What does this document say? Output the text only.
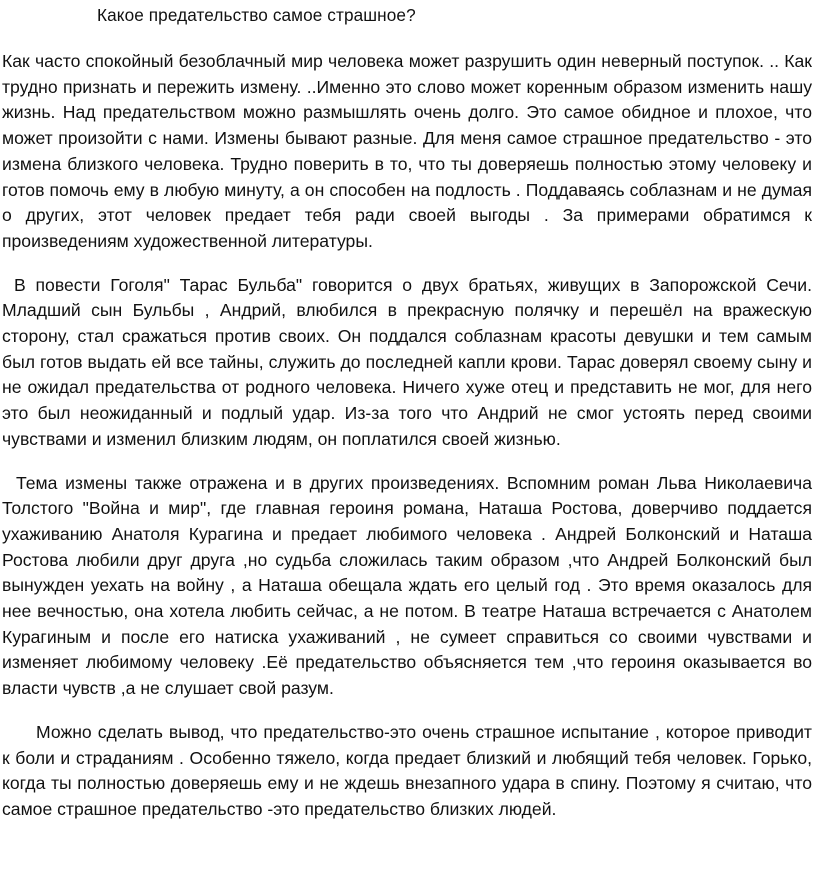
Какое предательство самое страшное?

Как часто спокойный безоблачный мир человека может разрушить один неверный поступок. .. Как трудно признать и пережить измену. ..Именно это слово может коренным образом изменить нашу жизнь. Над предательством можно размышлять очень долго. Это самое обидное и плохое, что может произойти с нами. Измены бывают разные. Для меня самое страшное предательство - это измена близкого человека. Трудно поверить в то, что ты доверяешь полностью этому человеку и готов помочь ему в любую минуту, а он способен на подлость . Поддаваясь соблазнам и не думая о других, этот человек предает тебя ради своей выгоды . За примерами обратимся к произведениям художественной литературы.

В повести Гоголя" Тарас Бульба" говорится о двух братьях, живущих в Запорожской Сечи. Младший сын Бульбы , Андрий, влюбился в прекрасную полячку и перешёл на вражескую сторону, стал сражаться против своих. Он поддался соблазнам красоты девушки и тем самым был готов выдать ей все тайны, служить до последней капли крови. Тарас доверял своему сыну и не ожидал предательства от родного человека. Ничего хуже отец и представить не мог, для него это был неожиданный и подлый удар. Из-за того что Андрий не смог устоять перед своими чувствами и изменил близким людям, он поплатился своей жизнью.

Тема измены также отражена и в других произведениях. Вспомним роман Льва Николаевича Толстого "Война и мир", где главная героиня романа, Наташа Ростова, доверчиво поддается ухаживанию Анатоля Курагина и предает любимого человека . Андрей Болконский и Наташа Ростова любили друг друга ,но судьба сложилась таким образом ,что Андрей Болконский был вынужден уехать на войну , а Наташа обещала ждать его целый год . Это время оказалось для нее вечностью, она хотела любить сейчас, а не потом. В театре Наташа встречается с Анатолем Курагиным и после его натиска ухаживаний , не сумеет справиться со своими чувствами и изменяет любимому человеку .Её предательство объясняется тем ,что героиня оказывается во власти чувств ,а не слушает свой разум.

Можно сделать вывод, что предательство-это очень страшное испытание , которое приводит к боли и страданиям . Особенно тяжело, когда предает близкий и любящий тебя человек. Горько, когда ты полностью доверяешь ему и не ждешь внезапного удара в спину. Поэтому я считаю, что самое страшное предательство -это предательство близких людей.
